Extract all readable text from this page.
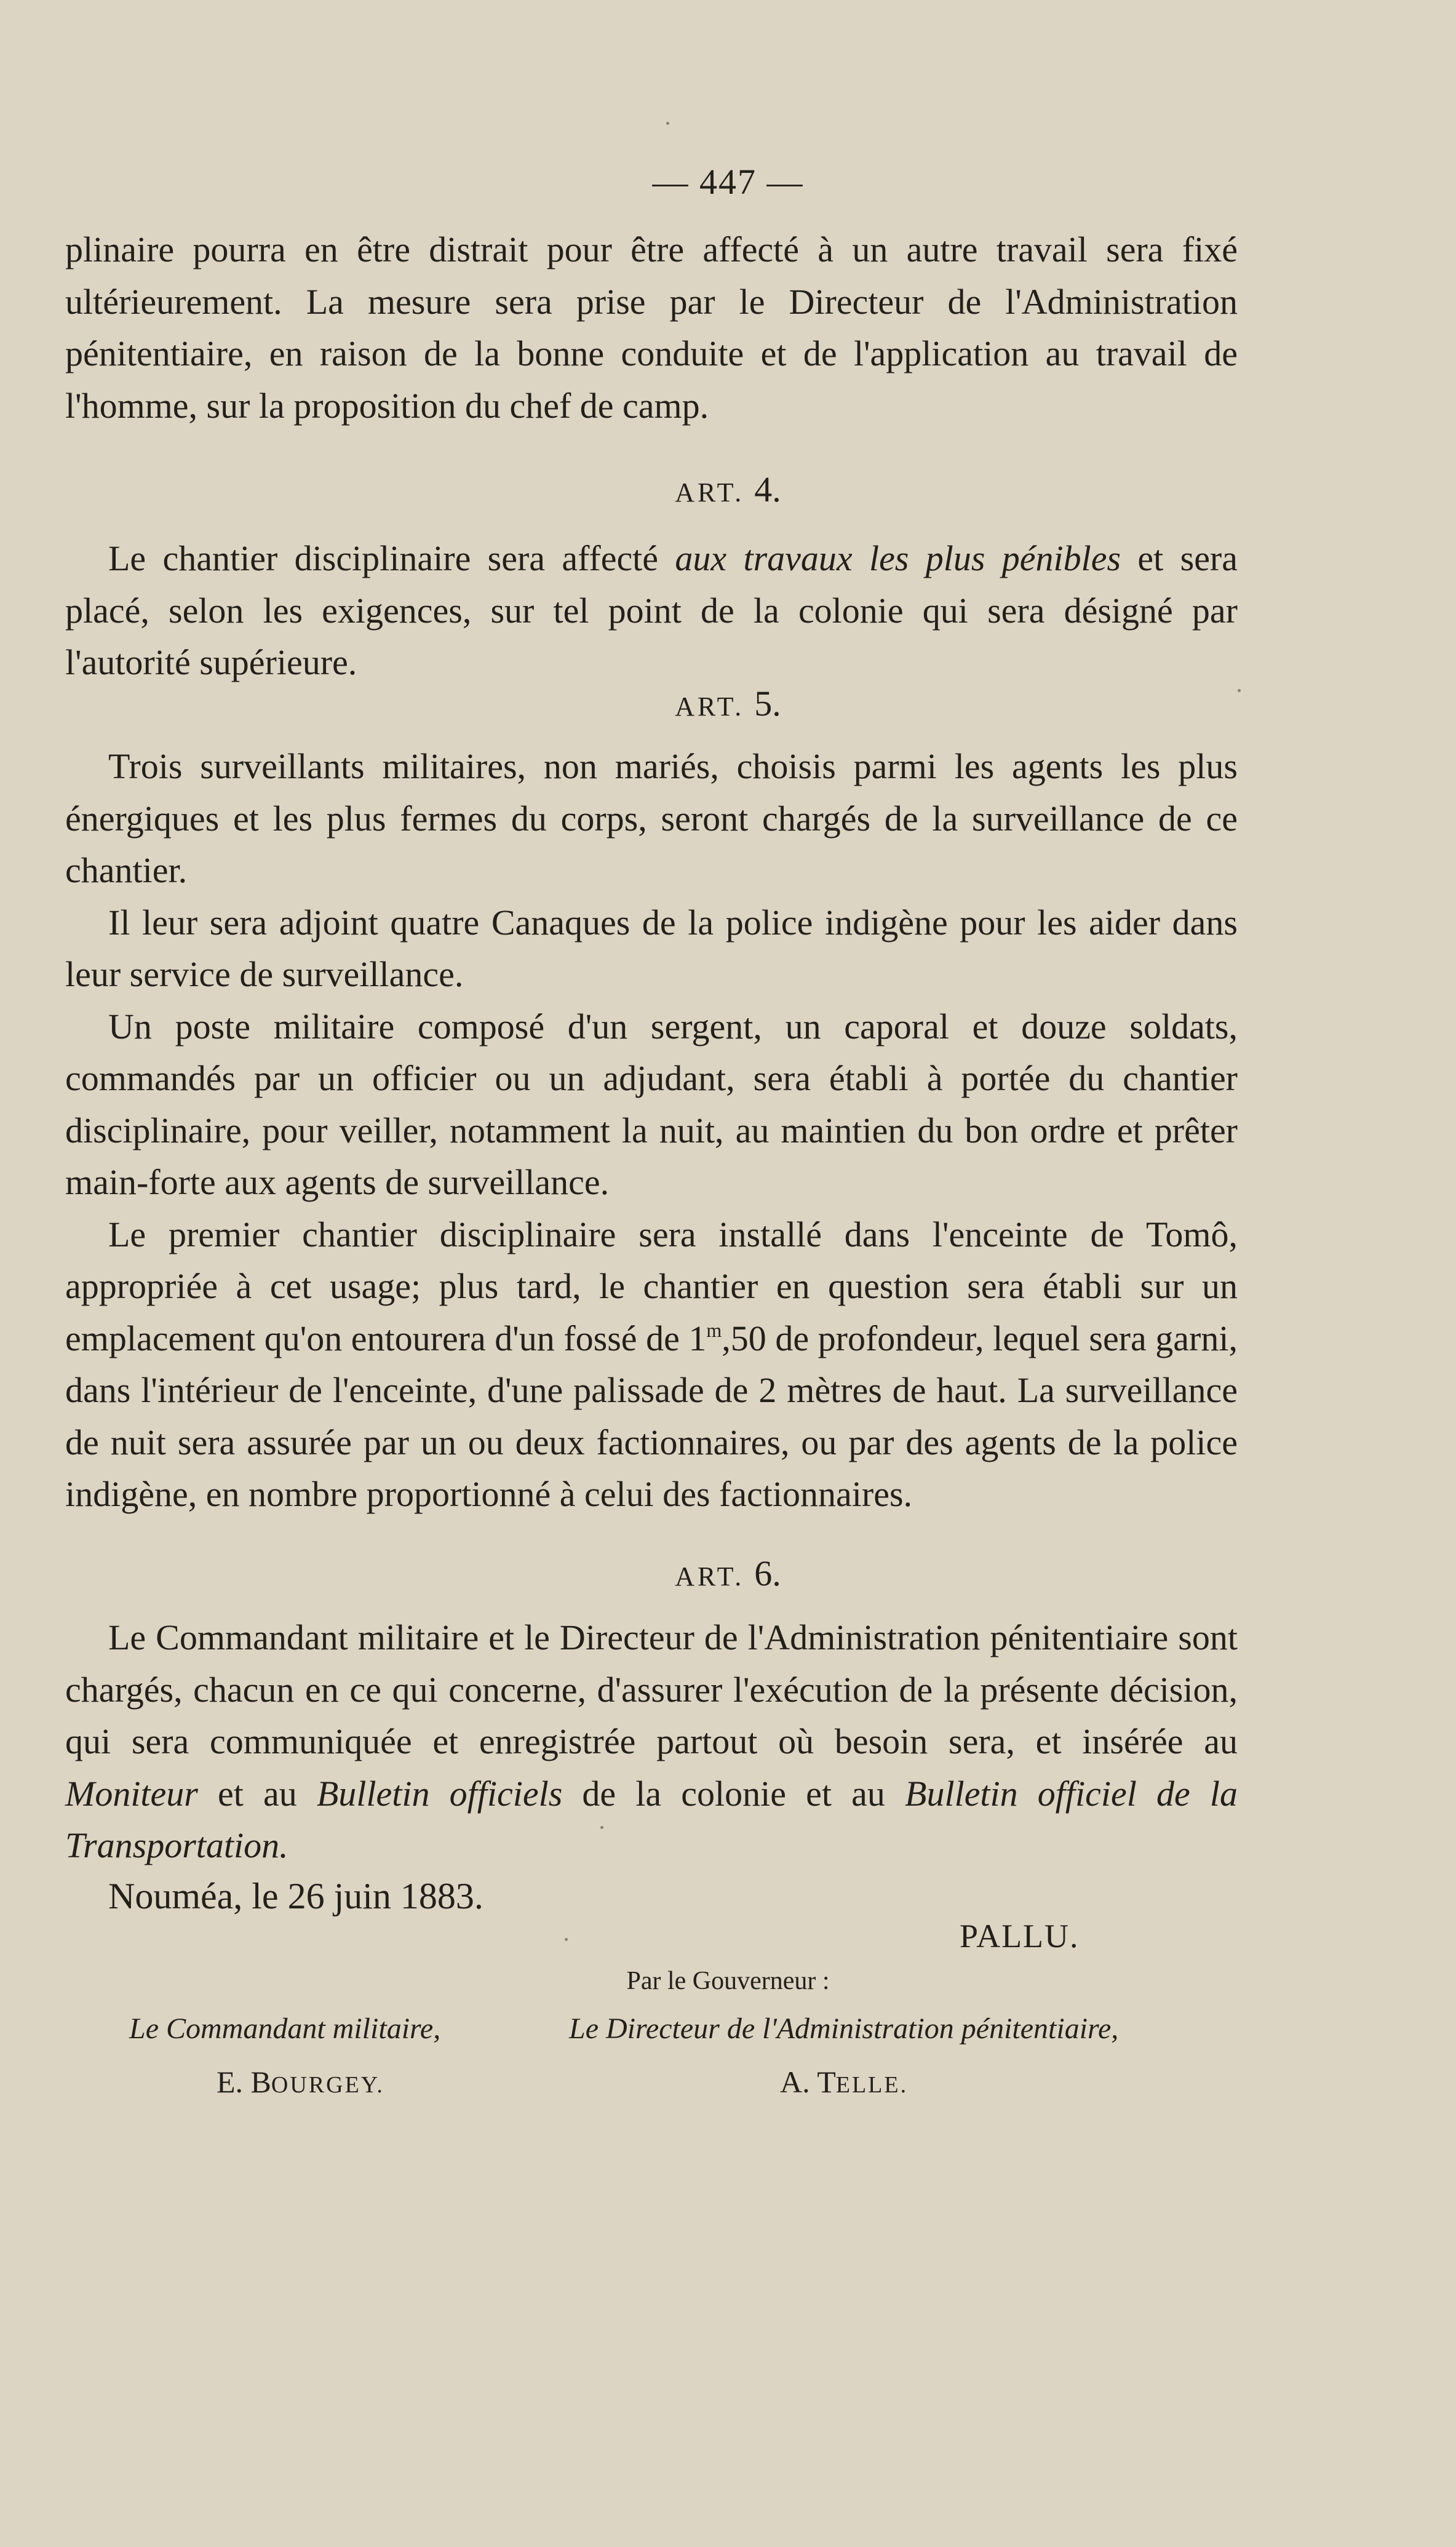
— 447 —

plinaire pourra en être distrait pour être affecté à un autre travail sera fixé ultérieurement. La mesure sera prise par le Directeur de l'Administration pénitentiaire, en raison de la bonne conduite et de l'application au travail de l'homme, sur la proposition du chef de camp.

ART. 4.

Le chantier disciplinaire sera affecté aux travaux les plus pénibles et sera placé, selon les exigences, sur tel point de la colonie qui sera désigné par l'autorité supérieure.

ART. 5.

Trois surveillants militaires, non mariés, choisis parmi les agents les plus énergiques et les plus fermes du corps, seront chargés de la surveillance de ce chantier.

Il leur sera adjoint quatre Canaques de la police indigène pour les aider dans leur service de surveillance.

Un poste militaire composé d'un sergent, un caporal et douze soldats, commandés par un officier ou un adjudant, sera établi à portée du chantier disciplinaire, pour veiller, notamment la nuit, au maintien du bon ordre et prêter main-forte aux agents de surveillance.

Le premier chantier disciplinaire sera installé dans l'enceinte de Tomô, appropriée à cet usage; plus tard, le chantier en question sera établi sur un emplacement qu'on entourera d'un fossé de 1$^m$,50 de profondeur, lequel sera garni, dans l'intérieur de l'enceinte, d'une palissade de 2 mètres de haut. La surveillance de nuit sera assurée par un ou deux factionnaires, ou par des agents de la police indigène, en nombre proportionné à celui des factionnaires.

ART. 6.

Le Commandant militaire et le Directeur de l'Administration pénitentiaire sont chargés, chacun en ce qui concerne, d'assurer l'exécution de la présente décision, qui sera communiquée et enregistrée partout où besoin sera, et insérée au Moniteur et au Bulletin officiels de la colonie et au Bulletin officiel de la Transportation.

Nouméa, le 26 juin 1883.
PALLU.
Par le Gouverneur :
Le Commandant militaire,	Le Directeur de l'Administration pénitentiaire,
E. BOURGEY.	A. TELLE.
